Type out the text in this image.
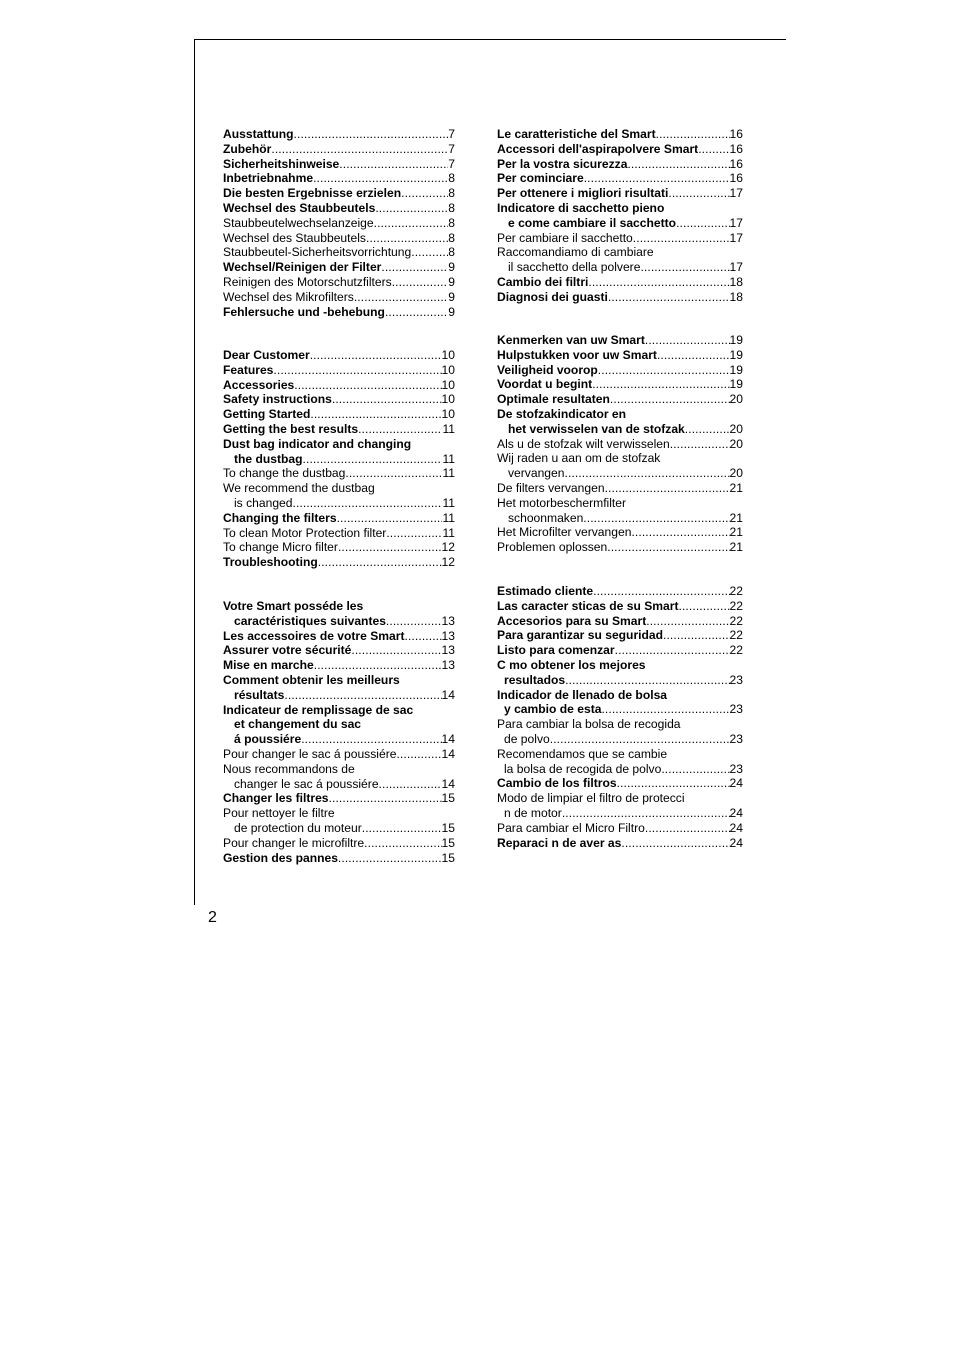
Ausstattung .....	7
Zubehör .....	7
Sicherheitshinweise .....	7
Inbetriebnahme .....	8
Die besten Ergebnisse erzielen .....	8
Wechsel des Staubbeutels .....	8
Staubbeutelwechselanzeige .....	8
Wechsel des Staubbeutels .....	8
Staubbeutel-Sicherheitsvorrichtung .....	8
Wechsel/Reinigen der Filter .....	9
Reinigen des Motorschutzfilters .....	9
Wechsel des Mikrofilters .....	9
Fehlersuche und -behebung .....	9
Dear Customer .....	10
Features .....	10
Accessories .....	10
Safety instructions .....	10
Getting Started .....	10
Getting the best results .....	11
Dust bag indicator and changing
the dustbag .....	11
To change the dustbag .....	11
We recommend the dustbag
is changed .....	11
Changing the filters .....	11
To clean Motor Protection filter .....	11
To change Micro filter .....	12
Troubleshooting .....	12
Votre Smart posséde les
caractéristiques suivantes .....	13
Les accessoires de votre Smart .....	13
Assurer votre sécurité .....	13
Mise en marche .....	13
Comment obtenir les meilleurs
résultats .....	14
Indicateur de remplissage de sac
et changement du sac
á poussiére .....	14
Pour changer le sac á poussiére .....	14
Nous recommandons de
changer le sac á poussiére .....	14
Changer les filtres .....	15
Pour nettoyer le filtre
de protection du moteur .....	15
Pour changer le microfiltre .....	15
Gestion des pannes .....	15
Le caratteristiche del Smart .....	16
Accessori dell'aspirapolvere Smart .....	16
Per la vostra sicurezza .....	16
Per cominciare .....	16
Per ottenere i migliori risultati .....	17
Indicatore di sacchetto pieno
e come cambiare il sacchetto .....	17
Per cambiare il sacchetto .....	17
Raccomandiamo di cambiare
il sacchetto della polvere .....	17
Cambio dei filtri .....	18
Diagnosi dei guasti .....	18
Kenmerken van uw Smart .....	19
Hulpstukken voor uw Smart .....	19
Veiligheid voorop .....	19
Voordat u begint .....	19
Optimale resultaten .....	20
De stofzakindicator en
het verwisselen van de stofzak .....	20
Als u de stofzak wilt verwisselen .....	20
Wij raden u aan om de stofzak
vervangen .....	20
De filters vervangen .....	21
Het motorbeschermfilter
schoonmaken .....	21
Het Microfilter vervangen .....	21
Problemen oplossen .....	21
Estimado cliente .....	22
Las caracter sticas de su Smart .....	22
Accesorios para su Smart .....	22
Para garantizar su seguridad .....	22
Listo para comenzar .....	22
C mo obtener los mejores
resultados .....	23
Indicador de llenado de bolsa
y cambio de esta .....	23
Para cambiar la bolsa de recogida
de polvo .....	23
Recomendamos que se cambie
la bolsa de recogida de polvo .....	23
Cambio de los filtros .....	24
Modo de limpiar el filtro de protecci
n de motor .....	24
Para cambiar el Micro Filtro .....	24
Reparaci n de aver as .....	24
2
